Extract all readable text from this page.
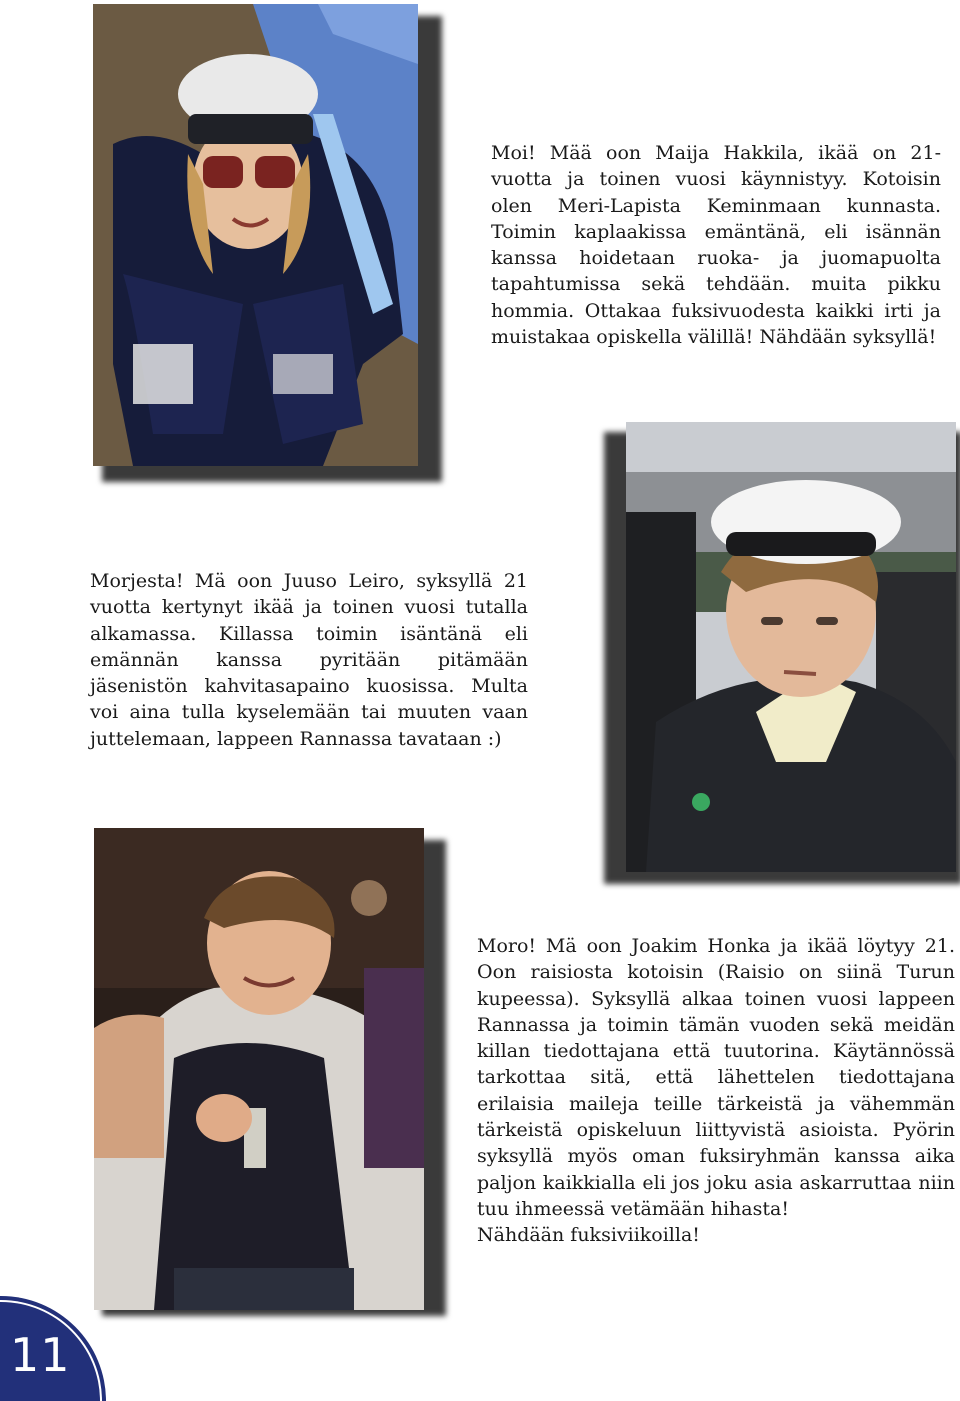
Moi! Mää oon Maija Hakkila, ikää on 21-vuotta ja toinen vuosi käynnistyy. Kotoisin olen Meri-Lapista Keminmaan kunnasta. Toimin kaplaakissa emäntänä, eli isännän kanssa hoidetaan ruoka- ja juomapuolta tapahtumissa sekä tehdään. muita pikku hommia. Ottakaa fuksivuodesta kaikki irti ja muistakaa opiskella välillä! Nähdään syksyllä!

Morjesta! Mä oon Juuso Leiro, syksyllä 21 vuotta kertynyt ikää ja toinen vuosi tutalla alkamassa. Killassa toimin isäntänä eli emännän kanssa pyritään pitämään jäsenistön kahvitasapaino kuosissa. Multa voi aina tulla kyselemään tai muuten vaan juttelemaan, lappeen Rannassa tavataan :)

Moro! Mä oon Joakim Honka ja ikää löytyy 21. Oon raisiosta kotoisin (Raisio on siinä Turun kupeessa). Syksyllä alkaa toinen vuosi lappeen Rannassa ja toimin tämän vuoden sekä meidän killan tiedottajana että tuutorina. Käytännössä tarkottaa sitä, että lähettelen tiedottajana erilaisia maileja teille tärkeistä ja vähemmän tärkeistä opiskeluun liittyvistä asioista. Pyörin syksyllä myös oman fuksiryhmän kanssa aika paljon kaikkialla eli jos joku asia askarruttaa niin tuu ihmeessä vetämään hihasta!

Nähdään fuksiviikoilla!

11
